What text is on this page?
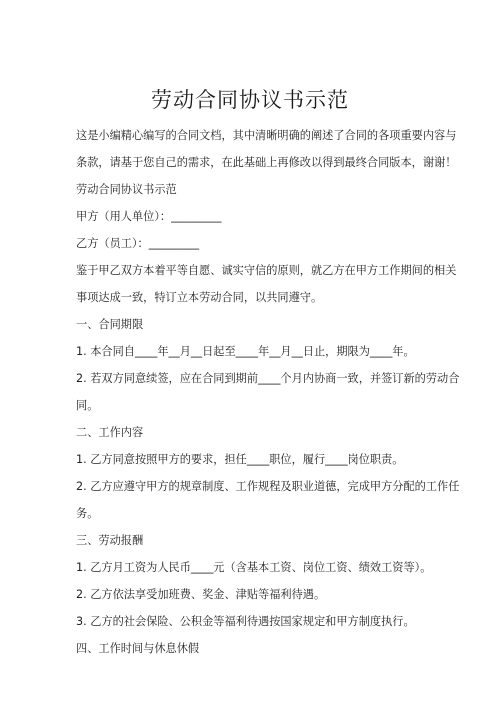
劳动合同协议书示范
这是小编精心编写的合同文档，其中清晰明确的阐述了合同的各项重要内容与
条款，请基于您自己的需求，在此基础上再修改以得到最终合同版本，谢谢！
劳动合同协议书示范
甲方（用人单位）：_________
乙方（员工）：_________
鉴于甲乙双方本着平等自愿、诚实守信的原则，就乙方在甲方工作期间的相关
事项达成一致，特订立本劳动合同，以共同遵守。
一、合同期限
1. 本合同自____年__月__日起至____年__月__日止，期限为____年。
2. 若双方同意续签，应在合同到期前____个月内协商一致，并签订新的劳动合
同。
二、工作内容
1. 乙方同意按照甲方的要求，担任____职位，履行____岗位职责。
2. 乙方应遵守甲方的规章制度、工作规程及职业道德，完成甲方分配的工作任
务。
三、劳动报酬
1. 乙方月工资为人民币____元（含基本工资、岗位工资、绩效工资等）。
2. 乙方依法享受加班费、奖金、津贴等福利待遇。
3. 乙方的社会保险、公积金等福利待遇按国家规定和甲方制度执行。
四、工作时间与休息休假
